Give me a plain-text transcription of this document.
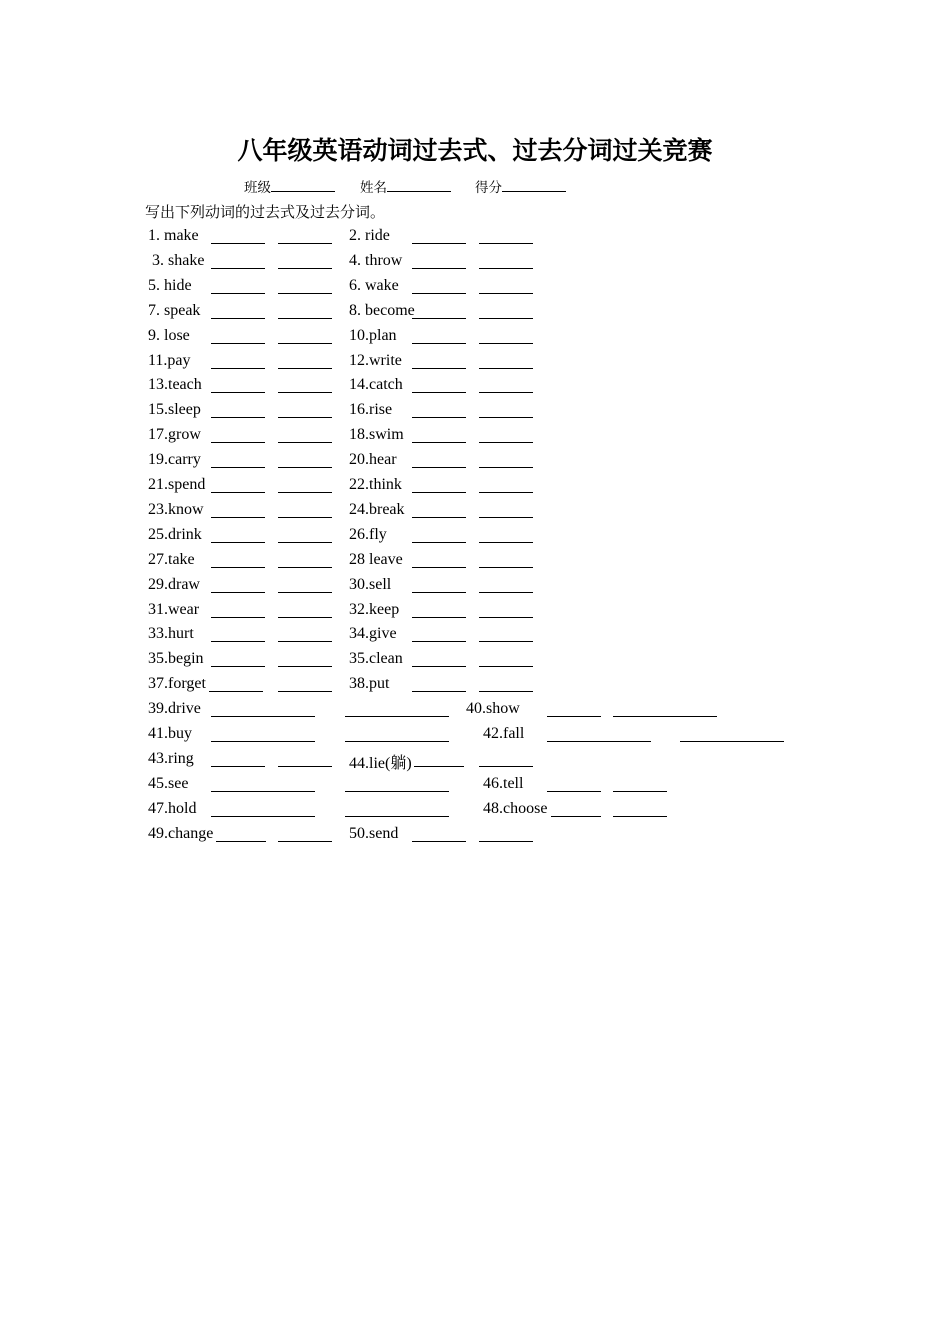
八年级英语动词过去式、过去分词过关竞赛
班级	姓名	得分
写出下列动词的过去式及过去分词。
1. make	2. ride
3. shake	4. throw
5. hide	6. wake
7. speak	8. become
9. lose	10.plan
11.pay	12.write
13.teach	14.catch
15.sleep	16.rise
17.grow	18.swim
19.carry	20.hear
21.spend	22.think
23.know	24.break
25.drink	26.fly
27.take	28 leave
29.draw	30.sell
31.wear	32.keep
33.hurt	34.give
35.begin	35.clean
37.forget	38.put
39.drive	40.show
41.buy	42.fall
43.ring	44.lie(躺)
45.see	46.tell
47.hold	48.choose
49.change	50.send
